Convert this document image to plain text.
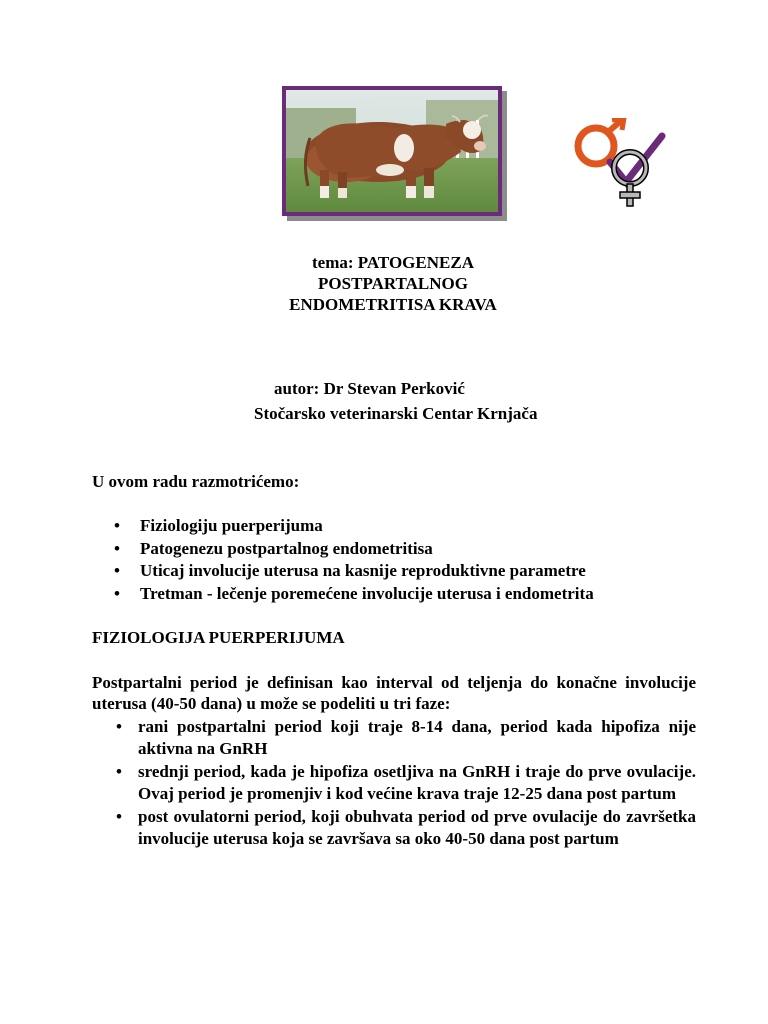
tema: PATOGENEZA
POSTPARTALNOG
ENDOMETRITISA KRAVA
autor: Dr Stevan Perković
Stočarsko veterinarski Centar Krnjača
U ovom radu razmotrićemo:
• Fiziologiju puerperijuma
• Patogenezu postpartalnog endometritisa
• Uticaj involucije uterusa na kasnije reproduktivne parametre
• Tretman - lečenje poremećene involucije uterusa i endometrita
FIZIOLOGIJA PUERPERIJUMA

Postpartalni period je definisan kao interval od teljenja do konačne involucije uterusa (40-50 dana) u može se podeliti u tri faze:

• rani postpartalni period koji traje 8-14 dana, period kada hipofiza nije aktivna na GnRH
• srednji period, kada je hipofiza osetljiva na GnRH i traje do prve ovulacije. Ovaj period je promenjiv i kod većine krava traje 12-25 dana post partum
• post ovulatorni period, koji obuhvata period od prve ovulacije do završetka involucije uterusa koja se završava sa oko 40-50 dana post partum
